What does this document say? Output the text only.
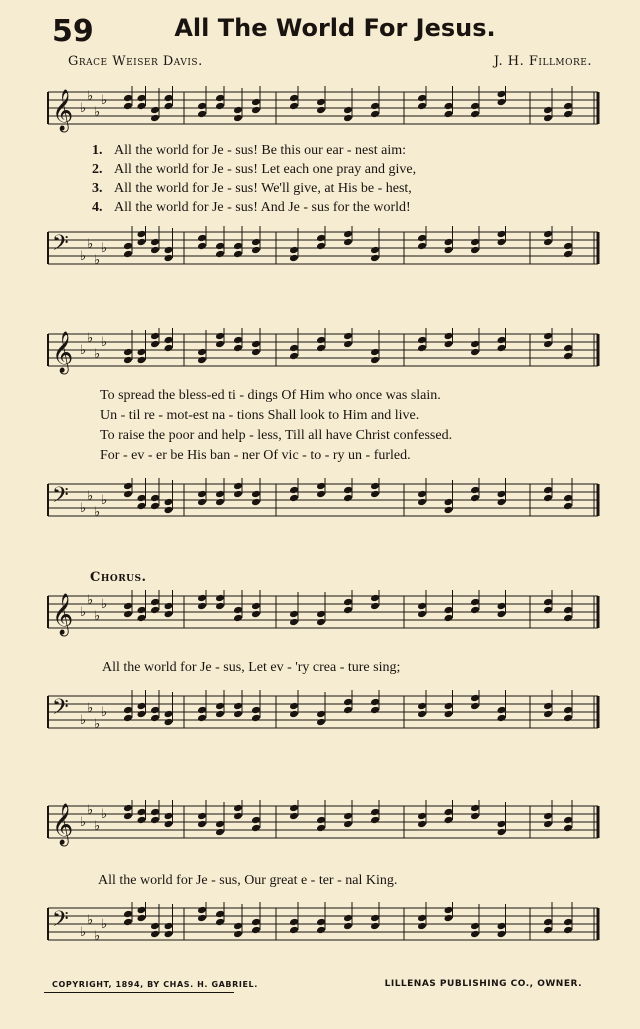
59	All The World For Jesus.
Grace Weiser Davis.	J. H. Fillmore.
𝄞 ♭
♭
♭
♭
1. All the world for Je - sus! Be this our ear - nest aim:
2. All the world for Je - sus! Let each one pray and give,
3. All the world for Je - sus! We'll give, at His be - hest,
4. All the world for Je - sus! And Je - sus for the world!
𝄢 ♭
♭
♭
♭
𝄞 ♭
♭
♭
♭
To spread the bless-ed ti - dings Of Him who once was slain.
Un - til re - mot-est na - tions Shall look to Him and live.
To raise the poor and help - less, Till all have Christ confessed.
For - ev - er be His ban - ner Of vic - to - ry un - furled.
𝄢 ♭
♭
♭
♭
Chorus.
𝄞 ♭
♭
♭
♭
All the world for Je - sus, Let ev - 'ry crea - ture sing;
𝄢 ♭
♭
♭
♭
𝄞 ♭
♭
♭
♭
All the world for Je - sus, Our great e - ter - nal King.
𝄢 ♭
♭
♭
♭
COPYRIGHT, 1894, BY CHAS. H. GABRIEL.	LILLENAS PUBLISHING CO., OWNER.
